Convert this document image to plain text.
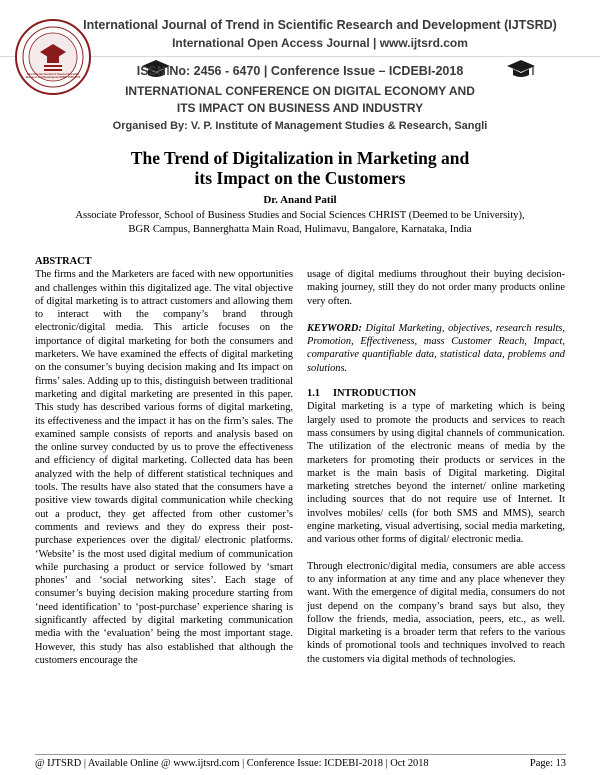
International Journal of Trend in Scientific Research and Development ISSN: 2456-6470
International Journal of Trend in Scientific Research and Development (IJTSRD)
International Open Access Journal | www.ijtsrd.com
ISSN No: 2456 - 6470 | Conference Issue – ICDEBI-2018
INTERNATIONAL CONFERENCE ON DIGITAL ECONOMY AND
ITS IMPACT ON BUSINESS AND INDUSTRY
Organised By: V. P. Institute of Management Studies & Research, Sangli
The Trend of Digitalization in Marketing and
its Impact on the Customers
Dr. Anand Patil
Associate Professor, School of Business Studies and Social Sciences CHRIST (Deemed to be University),
BGR Campus, Bannerghatta Main Road, Hulimavu, Bangalore, Karnataka, India

ABSTRACT

The firms and the Marketers are faced with new opportunities and challenges within this digitalized age. The vital objective of digital marketing is to attract customers and allowing them to interact with the company’s brand through electronic/digital media. This article focuses on the importance of digital marketing for both the consumers and marketers. We have examined the effects of digital marketing on the consumer’s buying decision making and Its impact on firms’ sales. Adding up to this, distinguish between traditional marketing and digital marketing are presented in this paper. This study has described various forms of digital marketing, its effectiveness and the impact it has on the firm’s sales. The examined sample consists of reports and analysis based on the online survey conducted by us to prove the effectiveness and efficiency of digital marketing. Collected data has been analyzed with the help of different statistical techniques and tools. The results have also stated that the consumers have a positive view towards digital communication while checking out a product, they get affected from other customer’s comments and reviews and they do express their post-purchase experiences over the digital/ electronic platforms. ‘Website’ is the most used digital medium of communication while purchasing a product or service followed by ‘smart phones’ and ‘social networking sites’. Each stage of consumer’s buying decision making procedure starting from ‘need identification’ to ‘post-purchase’ experience sharing is significantly affected by digital marketing communication media with the ‘evaluation’ being the most important stage. However, this study has also established that although the customers encourage the

usage of digital mediums throughout their buying decision-making journey, still they do not order many products online very often.

KEYWORD: Digital Marketing, objectives, research results, Promotion, Effectiveness, mass Customer Reach, Impact, comparative quantifiable data, statistical data, problems and solutions.

1.1 INTRODUCTION

Digital marketing is a type of marketing which is being largely used to promote the products and services to reach mass consumers by using digital channels of communication. The utilization of the electronic means of media by the marketers for promoting their products or services in the market is the main basis of Digital marketing. Digital marketing stretches beyond the internet/ online marketing including sources that do not require use of Internet. It involves mobiles/ cells (for both SMS and MMS), search engine marketing, visual advertising, social media marketing, and various other forms of digital/ electronic media.

Through electronic/digital media, consumers are able access to any information at any time and any place whenever they want. With the emergence of digital media, consumers do not just depend on the company’s brand says but also, they follow the friends, media, association, peers, etc., as well. Digital marketing is a broader term that refers to the various kinds of promotional tools and techniques involved to reach the customers via digital methods of technologies.

@ IJTSRD | Available Online @ www.ijtsrd.com | Conference Issue: ICDEBI-2018 | Oct 2018	Page: 13
